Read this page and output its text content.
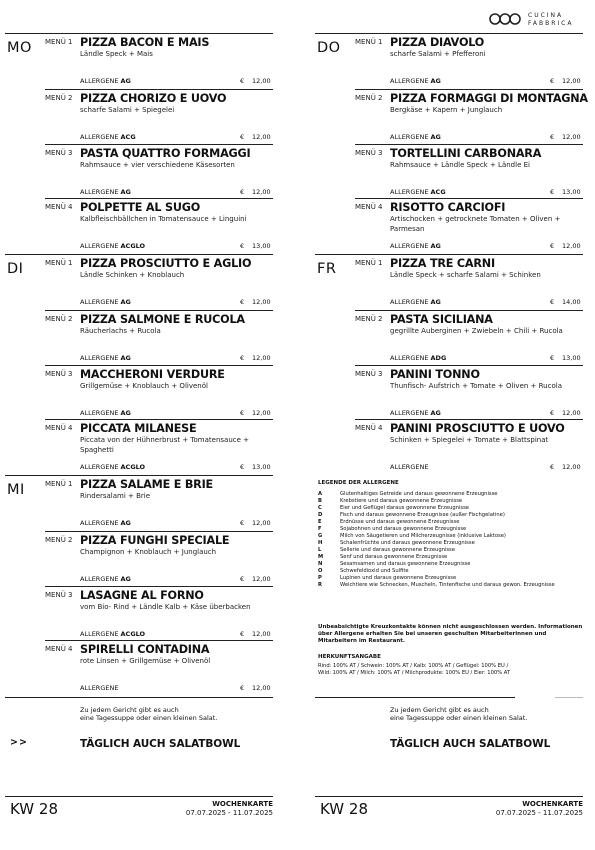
CUCINA
FABBRICA
MO MENÜ 1 PIZZA BACON E MAIS
Ländle Speck + Mais
ALLERGENE AG	€ 12,00
MENÜ 2 PIZZA CHORIZO E UOVO
scharfe Salami + Spiegelei
ALLERGENE ACG	€ 12,00
MENÜ 3 PASTA QUATTRO FORMAGGI
Rahmsauce + vier verschiedene Käsesorten
ALLERGENE AG	€ 12,00
MENÜ 4 POLPETTE AL SUGO
Kalbfleischbällchen in Tomatensauce + Linguini
ALLERGENE ACGLO	€ 13,00
DI	MENÜ 1 PIZZA PROSCIUTTO E AGLIO
Ländle Schinken + Knoblauch
ALLERGENE AG	€ 12,00
MENÜ 2 PIZZA SALMONE E RUCOLA
Räucherlachs + Rucola
ALLERGENE AG	€ 12,00
MENÜ 3 MACCHERONI VERDURE
Grillgemüse + Knoblauch + Olivenöl
ALLERGENE AG	€ 12,00
MENÜ 4 PICCATA MILANESE
Piccata von der Hühnerbrust + Tomatensauce + Spaghetti
ALLERGENE ACGLO	€ 13,00
MI	MENÜ 1 PIZZA SALAME E BRIE
Rindersalami + Brie
ALLERGENE AG	€ 12,00
MENÜ 2 PIZZA FUNGHI SPECIALE
Champignon + Knoblauch + Junglauch
ALLERGENE AG	€ 12,00
MENÜ 3 LASAGNE AL FORNO
vom Bio- Rind + Ländle Kalb + Käse überbacken
ALLERGENE ACGLO	€ 12,00
MENÜ 4 SPIRELLI CONTADINA
rote Linsen + Grillgemüse + Olivenöl
ALLERGENE	€ 12,00
Zu jedem Gericht gibt es auch
eine Tagessuppe oder einen kleinen Salat.
TÄGLICH AUCH SALATBOWL
>>
KW 28	WOCHENKARTE
07.07.2025 - 11.07.2025
LEGENDE DER ALLERGENE
A	Glutenhaltiges Getreide und daraus gewonnene Erzeugnisse
B	Krebstiere und daraus gewonnene Erzeugnisse
C	Eier und Geflügel daraus gewonnene Erzeugnisse
D	Fisch und daraus gewonnene Erzeugnisse (außer Fischgelatine)
E	Erdnüsse und daraus gewonnene Erzeugnisse
F	Sojabohnen und daraus gewonnene Erzeugnisse
G	Milch von Säugetieren und Milcherzeugnisse (inklusive Laktose)
H	Schalenfrüchte und daraus gewonnene Erzeugnisse
L	Sellerie und daraus gewonnene Erzeugnisse
M	Senf und daraus gewonnene Erzeugnisse
N	Sesamsamen und daraus gewonnene Erzeugnisse
O	Schwefeldioxid und Sulfite
P	Lupinen und daraus gewonnene Erzeugnisse
R	Weichtiere wie Schnecken, Muscheln, Tintenfische und daraus gewon. Erzeugnisse
Unbeabsichtigte Kreuzkontakte können nicht ausgeschlossen werden. Informationen über Allergene erhalten Sie bei unseren geschulten Mitarbeiterinnen und Mitarbeitern im Restaurant.
HERKUNFTSANGABE
Rind: 100% AT / Schwein: 100% AT / Kalb: 100% AT / Geflügel: 100% EU /
Wild: 100% AT / Milch: 100% AT / Milchprodukte: 100% EU / Eier: 100% AT
DO MENÜ 1 PIZZA DIAVOLO
scharfe Salami + Pfefferoni
ALLERGENE AG	€ 12,00
MENÜ 2 PIZZA FORMAGGI DI MONTAGNA
Bergkäse + Kapern + Junglauch
ALLERGENE AG	€ 12,00
MENÜ 3 TORTELLINI CARBONARA
Rahmsauce + Ländle Speck + Ländle Ei
ALLERGENE ACG	€ 13,00
MENÜ 4 RISOTTO CARCIOFI
Artischocken + getrocknete Tomaten + Oliven + Parmesan
ALLERGENE AG	€ 12,00
FR	MENÜ 1 PIZZA TRE CARNI
Ländle Speck + scharfe Salami + Schinken
ALLERGENE AG	€ 14,00
MENÜ 2 PASTA SICILIANA
gegrillte Auberginen + Zwiebeln + Chili + Rucola
ALLERGENE ADG	€ 13,00
MENÜ 3 PANINI TONNO
Thunfisch- Aufstrich + Tomate + Oliven + Rucola
ALLERGENE AG	€ 12,00
MENÜ 4 PANINI PROSCIUTTO E UOVO
Schinken + Spiegelei + Tomate + Blattspinat
ALLERGENE	€ 12,00
Zu jedem Gericht gibt es auch
eine Tagessuppe oder einen kleinen Salat.
TÄGLICH AUCH SALATBOWL
KW 28	WOCHENKARTE
07.07.2025 - 11.07.2025
